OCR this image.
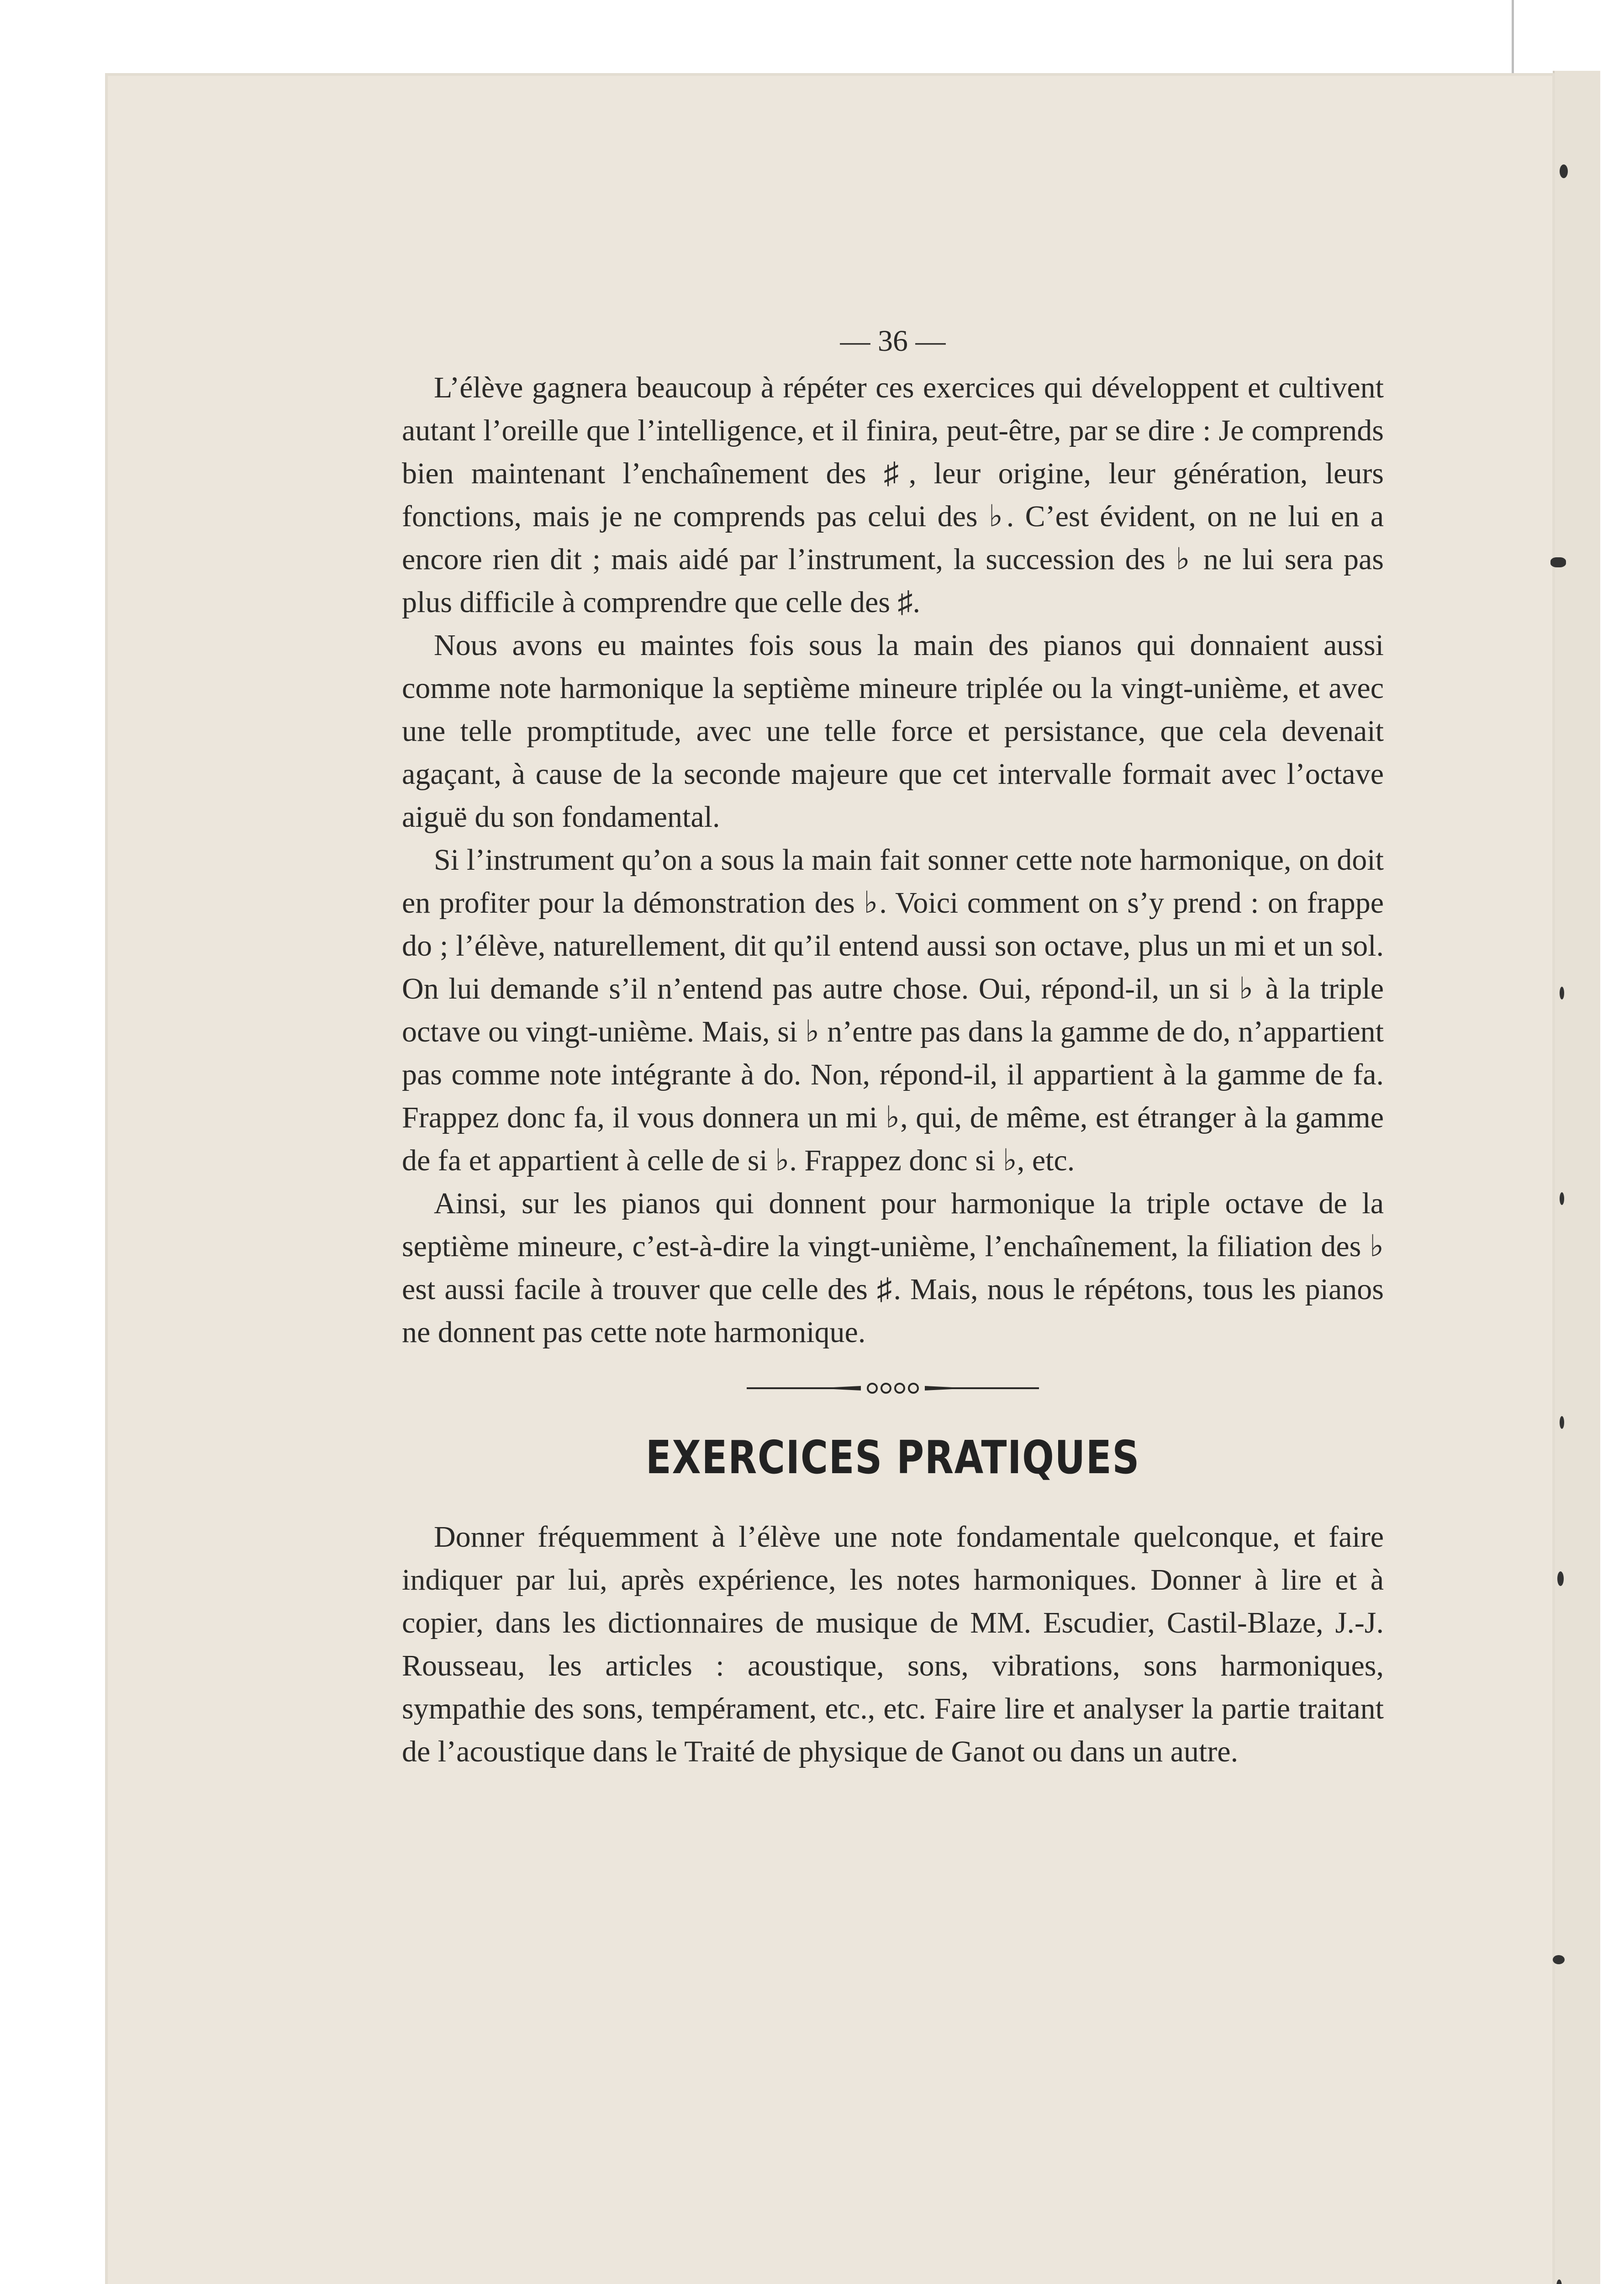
— 36 —

L’élève gagnera beaucoup à répéter ces exercices qui développent et cultivent autant l’oreille que l’intelligence, et il finira, peut-être, par se dire : Je comprends bien maintenant l’enchaînement des ♯, leur origine, leur génération, leurs fonctions, mais je ne comprends pas celui des ♭. C’est évident, on ne lui en a encore rien dit ; mais aidé par l’instrument, la succession des ♭ ne lui sera pas plus difficile à comprendre que celle des ♯.

Nous avons eu maintes fois sous la main des pianos qui donnaient aussi comme note harmonique la septième mineure triplée ou la vingt-unième, et avec une telle promptitude, avec une telle force et persistance, que cela devenait agaçant, à cause de la seconde majeure que cet intervalle formait avec l’octave aiguë du son fondamental.

Si l’instrument qu’on a sous la main fait sonner cette note harmonique, on doit en profiter pour la démonstration des ♭. Voici comment on s’y prend : on frappe do ; l’élève, naturellement, dit qu’il entend aussi son octave, plus un mi et un sol. On lui demande s’il n’entend pas autre chose. Oui, répond-il, un si ♭ à la triple octave ou vingt-unième. Mais, si ♭ n’entre pas dans la gamme de do, n’appartient pas comme note intégrante à do. Non, répond-il, il appartient à la gamme de fa. Frappez donc fa, il vous donnera un mi ♭, qui, de même, est étranger à la gamme de fa et appartient à celle de si ♭. Frappez donc si ♭, etc.

Ainsi, sur les pianos qui donnent pour harmonique la triple octave de la septième mineure, c’est-à-dire la vingt-unième, l’enchaînement, la filiation des ♭ est aussi facile à trouver que celle des ♯. Mais, nous le répétons, tous les pianos ne donnent pas cette note harmonique.

EXERCICES PRATIQUES

Donner fréquemment à l’élève une note fondamentale quelconque, et faire indiquer par lui, après expérience, les notes harmoniques. Donner à lire et à copier, dans les dictionnaires de musique de MM. Escudier, Castil-Blaze, J.-J. Rousseau, les articles : acoustique, sons, vibrations, sons harmoniques, sympathie des sons, tempérament, etc., etc. Faire lire et analyser la partie traitant de l’acoustique dans le Traité de physique de Ganot ou dans un autre.
